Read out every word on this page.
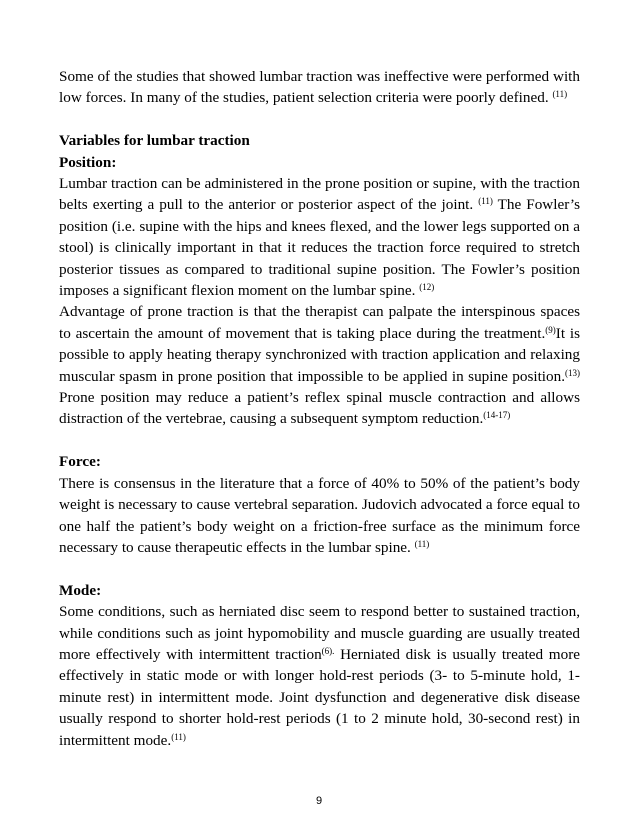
Some of the studies that showed lumbar traction was ineffective were performed with low forces. In many of the studies, patient selection criteria were poorly defined. $^{(11)}$

Variables for lumbar traction

Position:

Lumbar traction can be administered in the prone position or supine, with the traction belts exerting a pull to the anterior or posterior aspect of the joint. $^{(11)}$ The Fowler’s position (i.e. supine with the hips and knees flexed, and the lower legs supported on a stool) is clinically important in that it reduces the traction force required to stretch posterior tissues as compared to traditional supine position. The Fowler’s position imposes a significant flexion moment on the lumbar spine. $^{(12)}$

Advantage of prone traction is that the therapist can palpate the interspinous spaces to ascertain the amount of movement that is taking place during the treatment.$^{(9)}$It is possible to apply heating therapy synchronized with traction application and relaxing muscular spasm in prone position that impossible to be applied in supine position.$^{(13)}$ Prone position may reduce a patient’s reflex spinal muscle contraction and allows distraction of the vertebrae, causing a subsequent symptom reduction.$^{(14-17)}$

Force:

There is consensus in the literature that a force of 40% to 50% of the patient’s body weight is necessary to cause vertebral separation. Judovich advocated a force equal to one half the patient’s body weight on a friction-free surface as the minimum force necessary to cause therapeutic effects in the lumbar spine. $^{(11)}$

Mode:

Some conditions, such as herniated disc seem to respond better to sustained traction, while conditions such as joint hypomobility and muscle guarding are usually treated more effectively with intermittent traction$^{(6).}$ Herniated disk is usually treated more effectively in static mode or with longer hold-rest periods (3- to 5-minute hold, 1-minute rest) in intermittent mode. Joint dysfunction and degenerative disk disease usually respond to shorter hold-rest periods (1 to 2 minute hold, 30-second rest) in intermittent mode.$^{(11)}$

9
